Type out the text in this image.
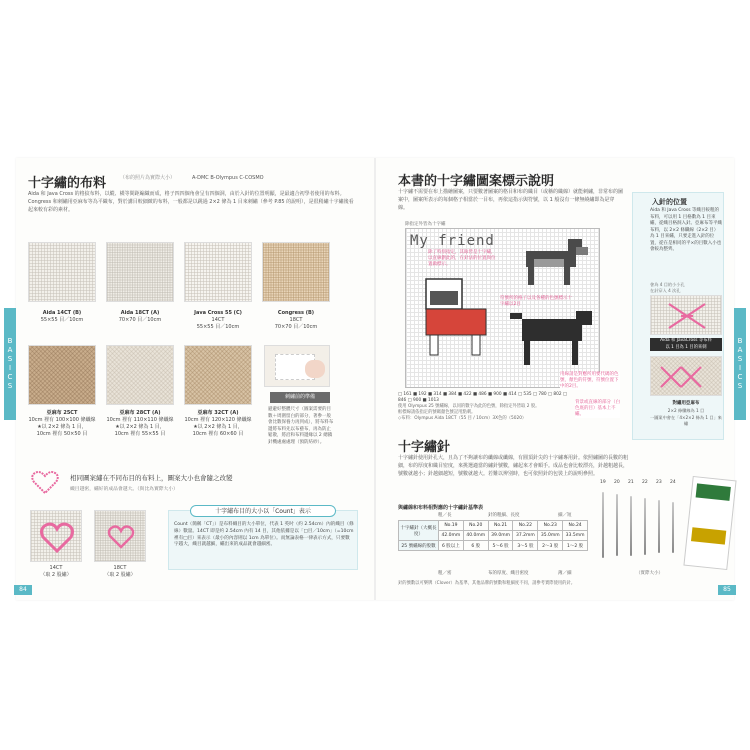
B
A
S
I
C
S
十字繡的布料	（布的照片為實際大小）	A-DMC B-Olympus C-COSMO
Aida 和 Java Cross 的格紋布料，以縱、橫等間距編織而成，格子四四個角會呈有四個洞，由於入針的位置明顯，是最適合初學者使用的布料。Congress 和刺繡用亞麻布等為平織布，對於講目較細緻的布料，一般都是以跳過 2×2 條為 1 目來刺繡（參考 P.85 的說明），是很稍繡十字繡後看起來較有彩的素材。
Aida 14CT (B)
55×55 目／10cm
Aida 18CT (A)
70×70 目／10cm
Java Cross 55 (C)
14CT
55×55 目／10cm
Congress (B)
18CT
70×70 目／10cm
刺繡前的準備
避避好整體尺寸（圖案需要的目數＋周圍留白的部分，著參一般會比數保養力再到成），將布料布邊將布料先以布藝布，再為防止鬆散，將沿和布料邊緣以 2 總鎖針機處處處理（預防紡紗）。
亞麻布 25CT
10cm 裡有 100×100 條纖線
★以 2×2 條為 1 目，
10cm 裡有 50×50 目
亞麻布 28CT (A)
10cm 裡有 110×110 條纖線
★以 2×2 條為 1 目，
10cm 裡有 55×55 目
亞麻布 32CT (A)
10cm 裡有 120×120 條纖線
★以 2×2 條為 1 目，
10cm 裡有 60×60 目
相同圖案繡在不同布目的布料上，圖案大小也會隨之改變
織目越密，繡好的成品會越大。（與比為實際大小）
14CT
（取 2 股繡）
18CT
（取 2 股繡）
十字繡布目的大小以「Count」表示
Count（簡稱「CT」）是布料織目的大小單位，代表 1 英吋（約 2.54cm）內的織目（條線）數量。14CT 即是約 2.54cm 內有 14 目，其他依據是以「□目／10cm」（=10cm 裡有□目）來表示（最小的內容則以 1cm 為單位）。而無論表格一律表示方式，只要數字越大，織目就越細，繡出來的成品就會越細密。
84
B
A
S
I
C
S
本書的十字繡圖案標示說明
十字繡不需要在布上描繪圖案，只要數著圖案的格目和布的織目（或稱的織線）就能刺繡，非常布的圖案中，圖案所表示的每個格子相當於一目布，再依這指示與符號，以 1 般沒有一條無繞繡即為是穿線。
除指定外皆為十字繡
My friend
除了特別指定，其餘皆是十字繡，以直線劃此的，在針法的位置與位置做標示。
符號所的格子以及各種的色號標示十字繡以2目
用線請是對應所用要代碼的色號，顏色的符號，符號位置下中的2目。
背景或直線的部分（白色底的目）基本上不繡。
□ 161 ■ 192 ■ 314 ■ 384 ■ 422 ■ 486 ■ 900 ■ 414 □ 535 □ 780 □ 802 □ 846 □ 900 ■ 1013
使用 Olympus 25 號繡線，以同的數字為此的色號，除指定外皆取 2 股。
框標線請依指定的號碼顏色號記用點刺。
◇布料：Olympus Aida 18CT（55 目 / 10cm）3X色的（5020）
入針的位置
Aida 和 Java Cross 等織目較粗的布料，可以用 1 目格數為 1 目來繡，從織目格洞入針。亞麻布等平織布料，以 2×2 條纖線（2×2 目）為 1 目來繡，只要走進入針的位置，從在是相同的平×的目數入小也會較為整齊。
會為 4 目的小小孔
在針穿入 4 次孔
Aida 和 JavaCross 等布料
以 1 目為 1 目的來刺
對繡用亞麻布
2×2 條纖線為 1 目
一圖案中會在「4×2×2 條為 1 目」來繡
十字繡針
十字繡針使用針孔大，且為了不夠讓布的纖線或纖線，有圓頂針尖的十字繡專用針。依照繡圖的長數的粗細，布的厚度和織目密度，來挑選適當的繡針號數，繡起來才會順手。成品也會比較漂亮，針越粗越長，號數就越小；針越細越短，號數就越大。若難以辨別時，也可依照針的包裝上的說明參照。
與繡線和布料相對應的十字繡針基準表
粗／長	針的粗細、長度	細／短
十字繡針（大概長度）	No.19	No.20	No.21	No.22	No.23	No.24
	42.0mm	40.0mm	39.0mm	37.2mm	35.0mm	33.5mm
25 號繡線的股數	6 股以上	6 股	5～6 股	3～5 股	2～3 股	1～2 股
粗／密	布的厚度、織目密度	薄／細
針的號數以可樂牌（Clover）為基準，其他品牌的號數和粗細度不同，請參考實際使用的針。
19 20 21 22 23 24
（實際大小）
85
